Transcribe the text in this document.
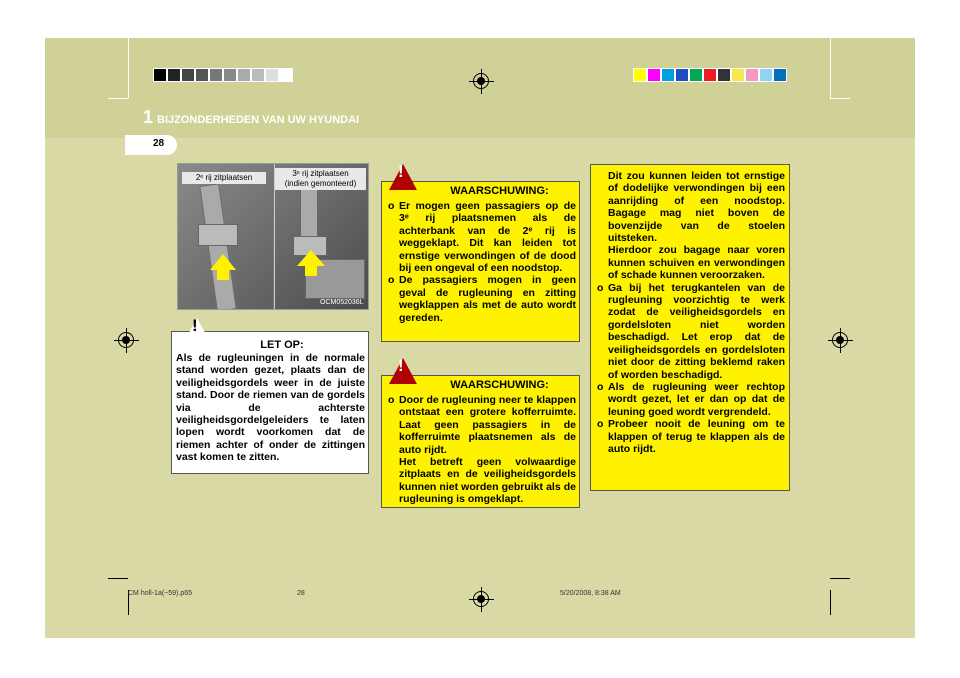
1 BIJZONDERHEDEN VAN UW HYUNDAI
28
2ᵉ rij zitplaatsen	3ᵉ rij zitplaatsen
(indien gemonteerd)
OCM052036L
!
LET OP:
Als de rugleuningen in de normale stand worden gezet, plaats dan de veiligheidsgordels weer in de juiste stand. Door de riemen van de gordels via de achterste veiligheidsgordelgeleiders te laten lopen wordt voorkomen dat de riemen achter of onder de zittingen vast komen te zitten.
!
WAARSCHUWING:
o Er mogen geen passagiers op de 3ᵉ rij plaatsnemen als de achterbank van de 2ᵉ rij is weggeklapt. Dit kan leiden tot ernstige verwondingen of de dood bij een ongeval of een noodstop.
o De passagiers mogen in geen geval de rugleuning en zitting wegklappen als met de auto wordt gereden.
!
WAARSCHUWING:
o Door de rugleuning neer te klappen ontstaat een grotere kofferruimte. Laat geen passagiers in de kofferruimte plaatsnemen als de auto rijdt.
Het betreft geen volwaardige zitplaats en de veiligheidsgordels kunnen niet worden gebruikt als de rugleuning is omgeklapt.
Dit zou kunnen leiden tot ernstige of dodelijke verwondingen bij een aanrijding of een noodstop. Bagage mag niet boven de bovenzijde van de stoelen uitsteken.
Hierdoor zou bagage naar voren kunnen schuiven en verwondingen of schade kunnen veroorzaken.
o Ga bij het terugkantelen van de rugleuning voorzichtig te werk zodat de veiligheidsgordels en gordelsloten niet worden beschadigd. Let erop dat de veiligheidsgordels en gordelsloten niet door de zitting beklemd raken of worden beschadigd.
o Als de rugleuning weer rechtop wordt gezet, let er dan op dat de leuning goed wordt vergrendeld.
o Probeer nooit de leuning om te klappen of terug te klappen als de auto rijdt.
CM holl-1a(~59).p65	28	5/20/2008, 8:38 AM
